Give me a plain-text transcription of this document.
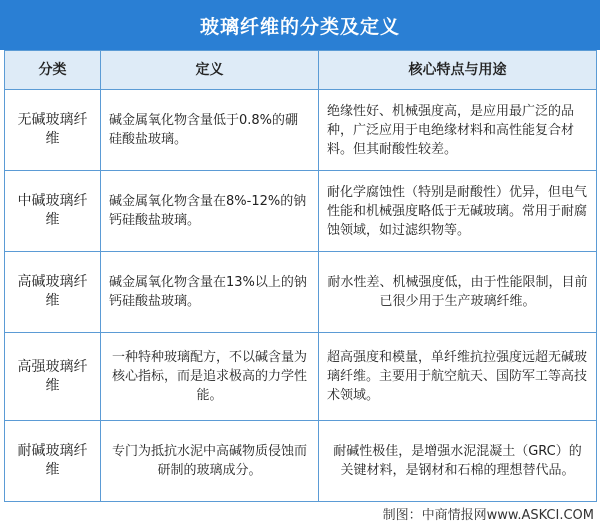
玻璃纤维的分类及定义
分类	定义	核心特点与用途
无碱玻璃纤维	碱金属氧化物含量低于0.8%的硼硅酸盐玻璃。	绝缘性好、机械强度高，是应用最广泛的品种，广泛应用于电绝缘材料和高性能复合材料。但其耐酸性较差。
中碱玻璃纤维	碱金属氧化物含量在8%-12%的钠钙硅酸盐玻璃。	耐化学腐蚀性（特别是耐酸性）优异，但电气性能和机械强度略低于无碱玻璃。常用于耐腐蚀领域，如过滤织物等。
高碱玻璃纤维	碱金属氧化物含量在13%以上的钠钙硅酸盐玻璃。	耐水性差、机械强度低，由于性能限制，目前已很少用于生产玻璃纤维。
高强玻璃纤维	一种特种玻璃配方，不以碱含量为核心指标，而是追求极高的力学性能。	超高强度和模量，单纤维抗拉强度远超无碱玻璃纤维。主要用于航空航天、国防军工等高技术领域。
耐碱玻璃纤维	专门为抵抗水泥中高碱物质侵蚀而研制的玻璃成分。	耐碱性极佳，是增强水泥混凝土（GRC）的关键材料，是钢材和石棉的理想替代品。
制图：中商情报网www.ASKCI.COM
